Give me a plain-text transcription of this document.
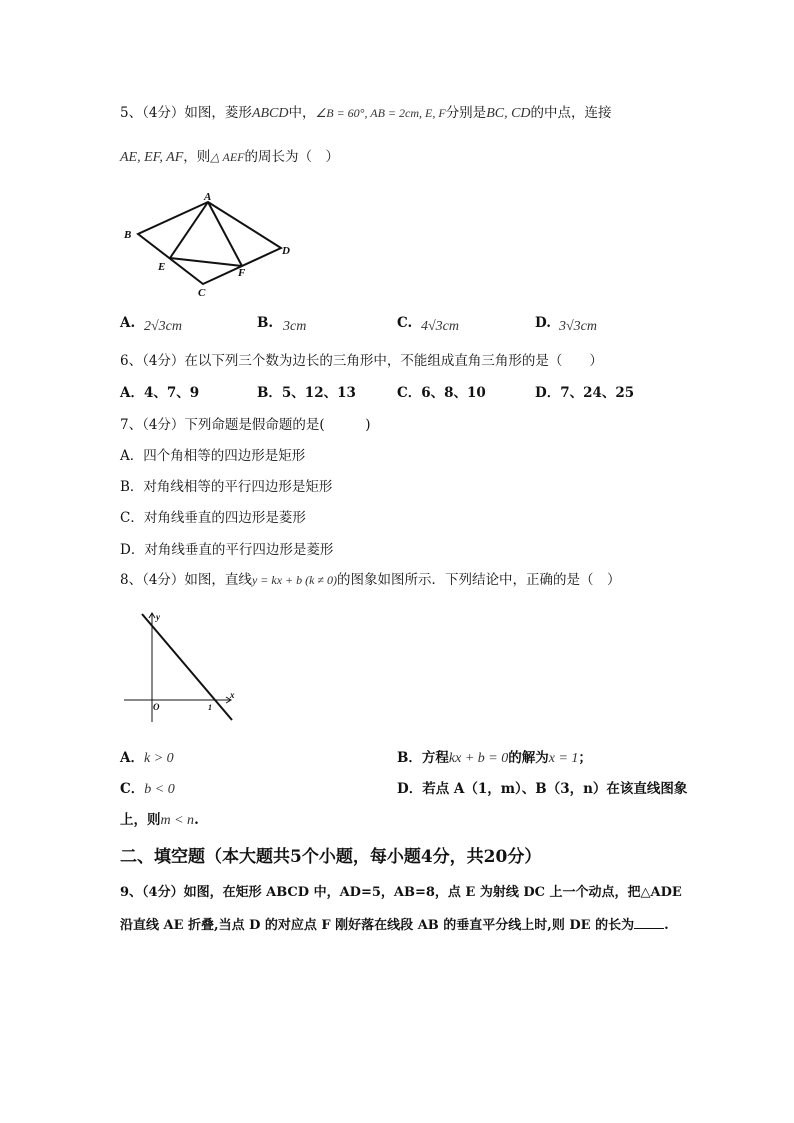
5、（4分）如图，菱形ABCD中，∠B = 60°, AB = 2cm, E, F分别是BC, CD的中点，连接
AE, EF, AF，则△ AEF的周长为（　）
A
B
E	F
C
D
A. 2√3cm	B. 3cm	C. 4√3cm	D. 3√3cm
6、（4分）在以下列三个数为边长的三角形中，不能组成直角三角形的是（　　）
A．4、7、9	B．5、12、13	C．6、8、10	D．7、24、25
7、（4分）下列命题是假命题的是(　　　)
A．四个角相等的四边形是矩形
B．对角线相等的平行四边形是矩形
C．对角线垂直的四边形是菱形
D．对角线垂直的平行四边形是菱形
8、（4分）如图，直线y = kx + b (k ≠ 0)的图象如图所示．下列结论中，正确的是（　）
y
x
O	1
A．k > 0	B．方程kx + b = 0的解为x = 1；
C．b < 0	D．若点 A（1，m）、B（3，n）在该直线图象
上，则m < n.
二、填空题（本大题共5个小题，每小题4分，共20分）
9、（4分）如图，在矩形 ABCD 中，AD=5，AB=8，点 E 为射线 DC 上一个动点，把△ADE
沿直线 AE 折叠,当点 D 的对应点 F 刚好落在线段 AB 的垂直平分线上时,则 DE 的长为 .
